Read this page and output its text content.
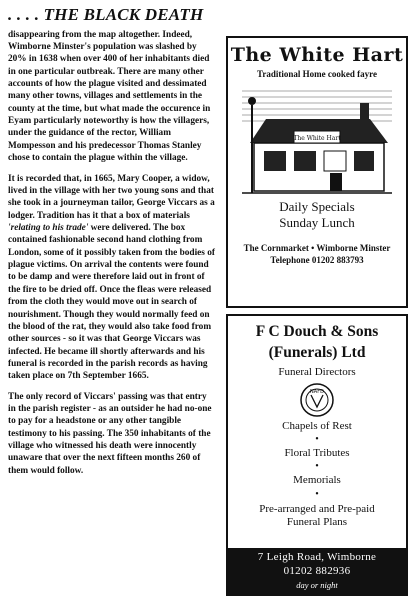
. . . . THE BLACK DEATH

disappearing from the map altogether. Indeed, Wimborne Minster's population was slashed by 20% in 1638 when over 400 of her inhabitants died in one particular outbreak. There are many other accounts of how the plague visited and dessimated many other towns, villages and settlements in the county at the time, but what made the occurence in Eyam particularly noteworthy is how the villagers, under the guidance of the rector, William Mompesson and his predecessor Thomas Stanley chose to contain the plague within the village.

It is recorded that, in 1665, Mary Cooper, a widow, lived in the village with her two young sons and that she took in a journeyman tailor, George Viccars as a lodger. Tradition has it that a box of materials 'relating to his trade' were delivered. The box contained fashionable second hand clothing from London, some of it possibly taken from the bodies of plague victims. On arrival the contents were found to be damp and were therefore laid out in front of the fire to be dried off. Once the fleas were released from the cloth they would move out in search of nourishment. Though they would normally feed on the blood of the rat, they would also take food from other sources - so it was that George Viccars was infected. He became ill shortly afterwards and his funeral is recorded in the parish records as having taken place on 7th September 1665.

The only record of Viccars' passing was that entry in the parish register - as an outsider he had no-one to pay for a headstone or any other tangible testimony to his passing. The 350 inhabitants of the village who witnessed his death were innocently unaware that over the next fifteen months 260 of them would follow.

The White Hart
Traditional Home cooked fayre
The White Hart
Daily Specials
Sunday Lunch
The Cornmarket • Wimborne Minster
Telephone 01202 883793
F C Douch & Sons
(Funerals) Ltd
Funeral Directors
NAFD
Chapels of Rest
•
Floral Tributes
•
Memorials
•
Pre-arranged and Pre-paid
Funeral Plans
7 Leigh Road, Wimborne
01202 882936
day or night
